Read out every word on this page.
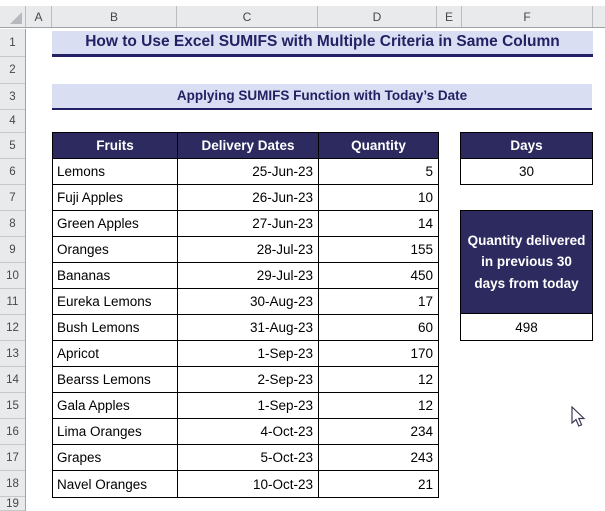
A	B	C	D	E	F
1
2
3
4
5
6
7
8
9
10
11
12
13
14
15
16
17
18
19
How to Use Excel SUMIFS with Multiple Criteria in Same Column
Applying SUMIFS Function with Today’s Date
Fruits	Delivery Dates	Quantity
Lemons	25-Jun-23	5
Fuji Apples	26-Jun-23	10
Green Apples	27-Jun-23	14
Oranges	28-Jul-23	155
Bananas	29-Jul-23	450
Eureka Lemons	30-Aug-23	17
Bush Lemons	31-Aug-23	60
Apricot	1-Sep-23	170
Bearss Lemons	2-Sep-23	12
Gala Apples	1-Sep-23	12
Lima Oranges	4-Oct-23	234
Grapes	5-Oct-23	243
Navel Oranges	10-Oct-23	21
Days
30
Quantity delivered in previous 30 days from today
498
